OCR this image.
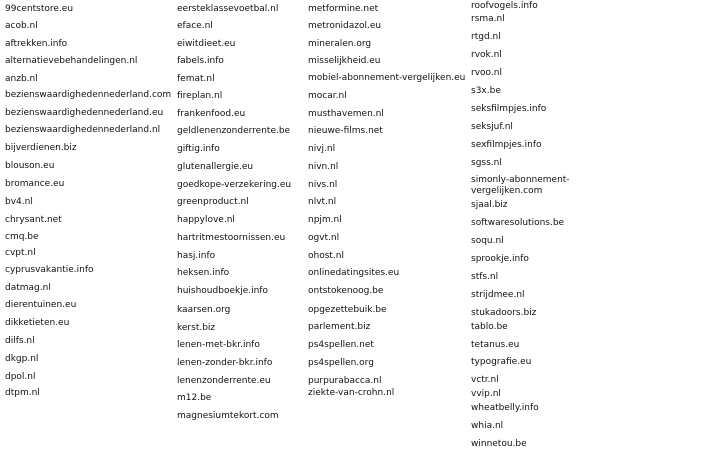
99centstore.eu
acob.nl
aftrekken.info
alternatievebehandelingen.nl
anzb.nl
bezienswaardighedennederland.com
bezienswaardighedennederland.eu
bezienswaardighedennederland.nl
bijverdienen.biz
blouson.eu
bromance.eu
bv4.nl
chrysant.net
cmq.be
cvpt.nl
cyprusvakantie.info
datmag.nl
dierentuinen.eu
dikketieten.eu
dilfs.nl
dkgp.nl
dpol.nl
dtpm.nl
eersteklassevoetbal.nl
eface.nl
eiwitdieet.eu
fabels.info
femat.nl
fireplan.nl
frankenfood.eu
geldlenenzonderrente.be
giftig.info
glutenallergie.eu
goedkope-verzekering.eu
greenproduct.nl
happylove.nl
hartritmestoornissen.eu
hasj.info
heksen.info
huishoudboekje.info
kaarsen.org
kerst.biz
lenen-met-bkr.info
lenen-zonder-bkr.info
lenenzonderrente.eu
m12.be
magnesiumtekort.com
metformine.net
metronidazol.eu
mineralen.org
misselijkheid.eu
mobiel-abonnement-vergelijken.eu
mocar.nl
musthavemen.nl
nieuwe-films.net
nivj.nl
nivn.nl
nivs.nl
nlvt.nl
npjm.nl
ogvt.nl
ohost.nl
onlinedatingsites.eu
ontstokenoog.be
opgezettebuik.be
parlement.biz
ps4spellen.net
ps4spellen.org
purpurabacca.nl
ziekte-van-crohn.nl
roofvogels.info
rsma.nl
rtgd.nl
rvok.nl
rvoo.nl
s3x.be
seksfilmpjes.info
seksjuf.nl
sexfilmpjes.info
sgss.nl
simonly-abonnement-vergelijken.com
sjaal.biz
softwaresolutions.be
soqu.nl
sprookje.info
stfs.nl
strijdmee.nl
stukadoors.biz
tablo.be
tetanus.eu
typografie.eu
vctr.nl
vvip.nl
wheatbelly.info
whia.nl
winnetou.be
